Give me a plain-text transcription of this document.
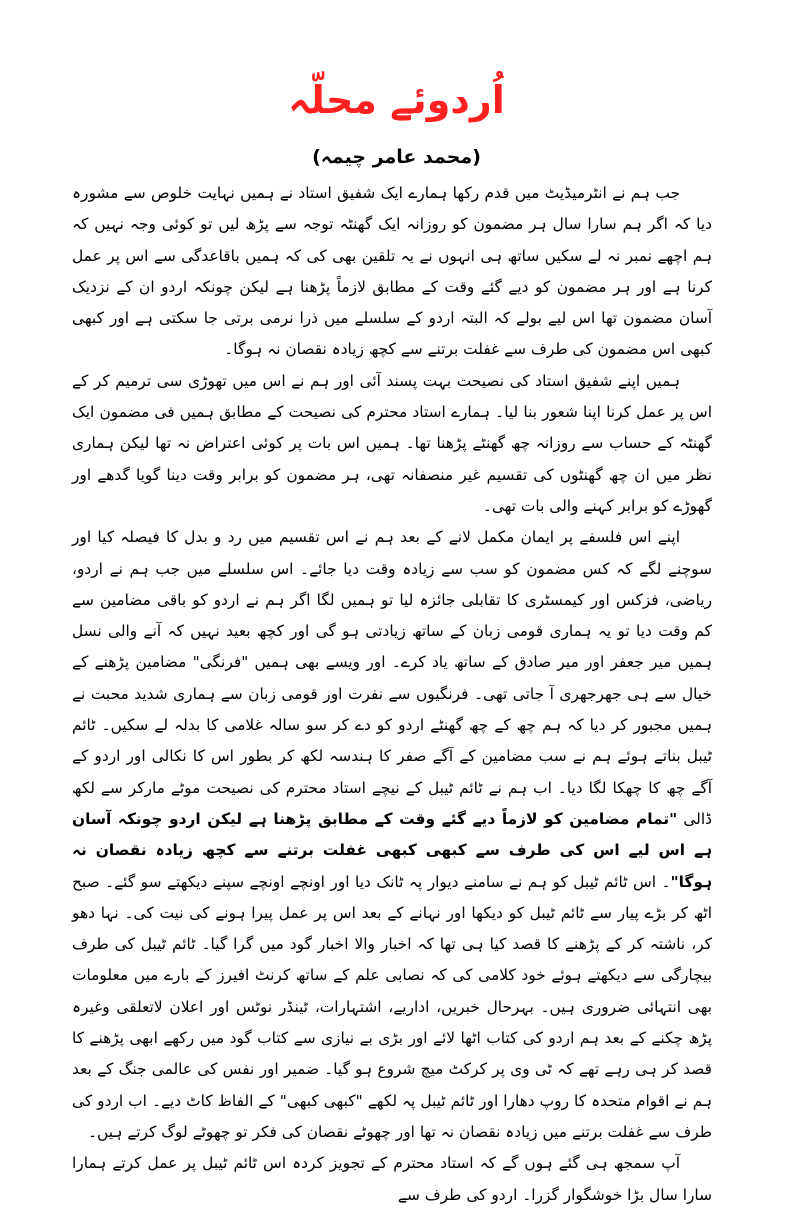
اُردوئے محلّہ
(محمد عامر چیمہ)

جب ہم نے انٹرمیڈیٹ میں قدم رکھا ہمارے ایک شفیق استاد نے ہمیں نہایت خلوص سے مشورہ دیا کہ اگر ہم سارا سال ہر مضمون کو روزانہ ایک گھنٹہ توجہ سے پڑھ لیں تو کوئی وجہ نہیں کہ ہم اچھے نمبر نہ لے سکیں ساتھ ہی انہوں نے یہ تلقین بھی کی کہ ہمیں باقاعدگی سے اس پر عمل کرنا ہے اور ہر مضمون کو دیے گئے وقت کے مطابق لازماً پڑھنا ہے لیکن چونکہ اردو ان کے نزدیک آسان مضمون تھا اس لیے بولے کہ البتہ اردو کے سلسلے میں ذرا نرمی برتی جا سکتی ہے اور کبھی کبھی اس مضمون کی طرف سے غفلت برتنے سے کچھ زیادہ نقصان نہ ہوگا۔

ہمیں اپنے شفیق استاد کی نصیحت بہت پسند آئی اور ہم نے اس میں تھوڑی سی ترمیم کر کے اس پر عمل کرنا اپنا شعور بنا لیا۔ ہمارے استاد محترم کی نصیحت کے مطابق ہمیں فی مضمون ایک گھنٹہ کے حساب سے روزانہ چھ گھنٹے پڑھنا تھا۔ ہمیں اس بات پر کوئی اعتراض نہ تھا لیکن ہماری نظر میں ان چھ گھنٹوں کی تقسیم غیر منصفانہ تھی، ہر مضمون کو برابر وقت دینا گویا گدھے اور گھوڑے کو برابر کہنے والی بات تھی۔

اپنے اس فلسفے پر ایمان مکمل لانے کے بعد ہم نے اس تقسیم میں رد و بدل کا فیصلہ کیا اور سوچنے لگے کہ کس مضمون کو سب سے زیادہ وقت دیا جائے۔ اس سلسلے میں جب ہم نے اردو، ریاضی، فزکس اور کیمسٹری کا تقابلی جائزہ لیا تو ہمیں لگا اگر ہم نے اردو کو باقی مضامین سے کم وقت دیا تو یہ ہماری قومی زبان کے ساتھ زیادتی ہو گی اور کچھ بعید نہیں کہ آنے والی نسل ہمیں میر جعفر اور میر صادق کے ساتھ یاد کرے۔ اور ویسے بھی ہمیں "فرنگی" مضامین پڑھنے کے خیال سے ہی جھرجھری آ جاتی تھی۔ فرنگیوں سے نفرت اور قومی زبان سے ہماری شدید محبت نے ہمیں مجبور کر دیا کہ ہم چھ کے چھ گھنٹے اردو کو دے کر سو سالہ غلامی کا بدلہ لے سکیں۔ ٹائم ٹیبل بناتے ہوئے ہم نے سب مضامین کے آگے صفر کا ہندسہ لکھ کر بطور اس کا نکالی اور اردو کے آگے چھ کا چھکا لگا دیا۔ اب ہم نے ٹائم ٹیبل کے نیچے استاد محترم کی نصیحت موٹے مارکر سے لکھ ڈالی "تمام مضامین کو لازماً دیے گئے وقت کے مطابق پڑھنا ہے لیکن اردو چونکہ آسان ہے اس لیے اس کی طرف سے کبھی کبھی غفلت برتنے سے کچھ زیادہ نقصان نہ ہوگا"۔ اس ٹائم ٹیبل کو ہم نے سامنے دیوار پہ ٹانک دیا اور اونچے اونچے سپنے دیکھتے سو گئے۔ صبح اٹھ کر بڑے پیار سے ٹائم ٹیبل کو دیکھا اور نہانے کے بعد اس پر عمل پیرا ہونے کی نیت کی۔ نہا دھو کر، ناشتہ کر کے پڑھنے کا قصد کیا ہی تھا کہ اخبار والا اخبار گود میں گرا گیا۔ ٹائم ٹیبل کی طرف بیچارگی سے دیکھتے ہوئے خود کلامی کی کہ نصابی علم کے ساتھ کرنٹ افیرز کے بارے میں معلومات بھی انتہائی ضروری ہیں۔ بہرحال خبریں، اداریے، اشتہارات، ٹینڈر نوٹس اور اعلان لاتعلقی وغیرہ پڑھ چکنے کے بعد ہم اردو کی کتاب اٹھا لائے اور بڑی بے نیازی سے کتاب گود میں رکھے ابھی پڑھنے کا قصد کر ہی رہے تھے کہ ٹی وی پر کرکٹ میچ شروع ہو گیا۔ ضمیر اور نفس کی عالمی جنگ کے بعد ہم نے اقوام متحدہ کا روپ دھارا اور ٹائم ٹیبل پہ لکھے "کبھی کبھی" کے الفاظ کاٹ دیے۔ اب اردو کی طرف سے غفلت برتنے میں زیادہ نقصان نہ تھا اور چھوٹے نقصان کی فکر تو چھوٹے لوگ کرتے ہیں۔

آپ سمجھ ہی گئے ہوں گے کہ استاد محترم کے تجویز کردہ اس ٹائم ٹیبل پر عمل کرتے ہمارا سارا سال بڑا خوشگوار گزرا۔ اردو کی طرف سے
